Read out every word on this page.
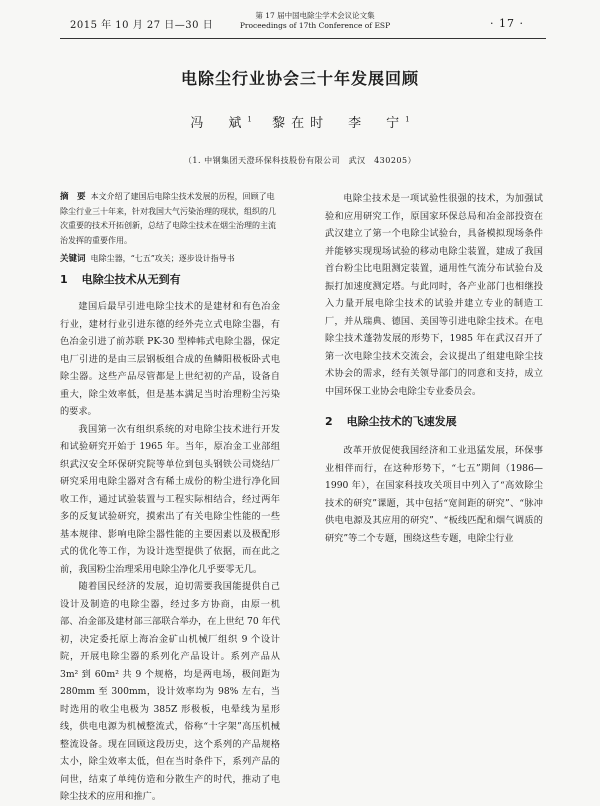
2015 年 10 月 27 日—30 日
第 17 届中国电除尘学术会议论文集
Proceedings of 17th Conference of ESP	· 17 ·
电除尘行业协会三十年发展回顾
冯　斌$^1$ 黎在时　李　宁$^1$
（1. 中钢集团天澄环保科技股份有限公司　武汉　430205）
摘　要 本文介绍了建国后电除尘技术发展的历程，回顾了电除尘行业三十年来，针对我国大气污染治理的现状，组织的几次重要的技术开拓创新，总结了电除尘技术在烟尘治理的主流治发挥的重要作用。
关键词 电除尘器，“七五”攻关；逐步设计指导书
1 电除尘技术从无到有

建国后最早引进电除尘技术的是建材和有色冶金行业，建材行业引进东德的经外壳立式电除尘器，有色冶金引进了前苏联 PK-30 型棒帏式电除尘器，保定电厂引进的是由三层钢板组合成的鱼鳞阳极板卧式电除尘器。这些产品尽管都是上世纪初的产品，设备自重大，除尘效率低，但是基本满足当时治理粉尘污染的要求。

我国第一次有组织系统的对电除尘技术进行开发和试验研究开始于 1965 年。当年，原冶金工业部组织武汉安全环保研究院等单位到包头钢铁公司烧结厂研究采用电除尘器对含有稀土成份的粉尘进行净化回收工作，通过试验装置与工程实际相结合，经过两年多的反复试验研究，摸索出了有关电除尘性能的一些基本规律、影响电除尘器性能的主要因素以及极配形式的优化等工作，为设计选型提供了依据，而在此之前，我国粉尘治理采用电除尘净化几乎要零无几。

随着国民经济的发展，迫切需要我国能提供自己设计及制造的电除尘器，经过多方协商，由原一机部、冶金部及建材部三部联合举办，在上世纪 70 年代初，决定委托原上海冶金矿山机械厂组织 9 个设计院，开展电除尘器的系列化产品设计。系列产品从 3m² 到 60m² 共 9 个规格，均是两电场，极间距为 280mm 至 300mm，设计效率均为 98% 左右，当时选用的收尘电极为 385Z 形极板，电晕线为星形线，供电电源为机械整流式，俗称“十字架”高压机械整流设备。现在回顾这段历史，这个系列的产品规格太小，除尘效率太低，但在当时条件下，系列产品的问世，结束了单纯仿造和分散生产的时代，推动了电除尘技术的应用和推广。

电除尘技术是一项试验性很强的技术，为加强试验和应用研究工作，原国家环保总局和冶金部投资在武汉建立了第一个电除尘试验台，具备模拟现场条件并能够实现现场试验的移动电除尘装置，建成了我国首台粉尘比电阻测定装置，通用性气流分布试验台及振打加速度测定塔。与此同时，各产业部门也相继投入力量开展电除尘技术的试验并建立专业的制造工厂，并从瑞典、德国、美国等引进电除尘技术。在电除尘技术蓬勃发展的形势下，1985 年在武汉召开了第一次电除尘技术交流会，会议提出了组建电除尘技术协会的需求，经有关领导部门的同意和支持，成立中国环保工业协会电除尘专业委员会。

2 电除尘技术的飞速发展

改革开放促使我国经济和工业迅猛发展，环保事业相伴而行，在这种形势下，“七五”期间（1986—1990 年），在国家科技攻关项目中列入了“高效除尘技术的研究”课题，其中包括“宽间距的研究”、“脉冲供电电源及其应用的研究”、“板线匹配和烟气调质的研究”等二个专题，围绕这些专题，电除尘行业
